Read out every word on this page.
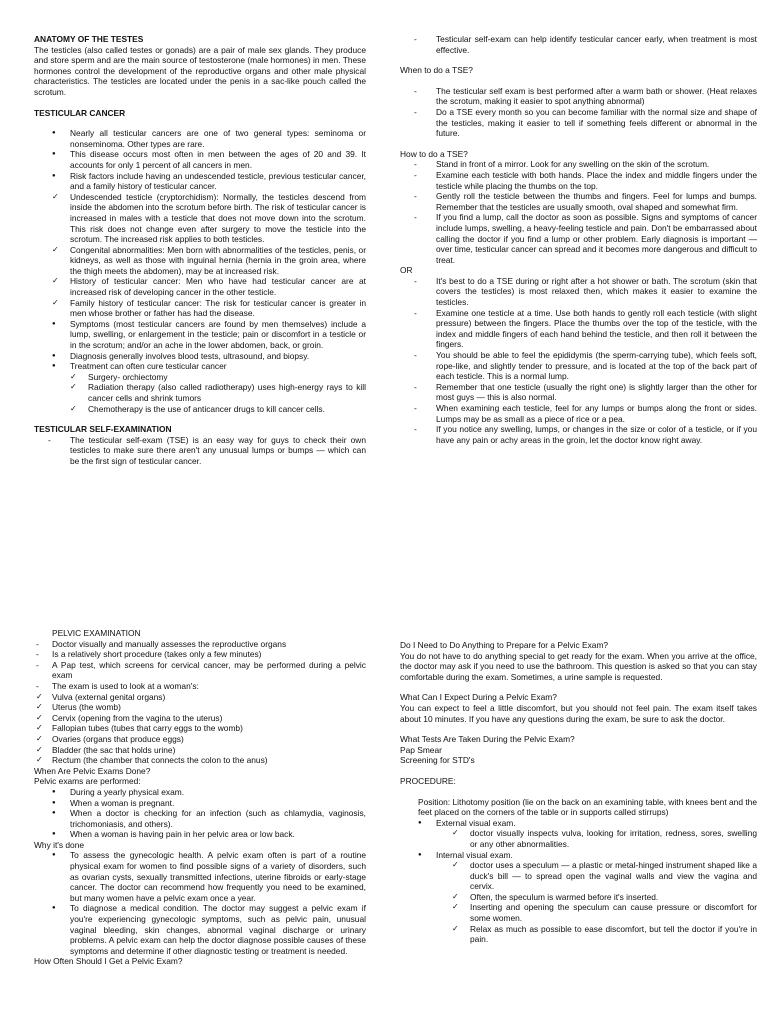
ANATOMY OF THE TESTES

The testicles (also called testes or gonads) are a pair of male sex glands. They produce and store sperm and are the main source of testosterone (male hormones) in men. These hormones control the development of the reproductive organs and other male physical characteristics. The testicles are located under the penis in a sac-like pouch called the scrotum.

TESTICULAR CANCER
● Nearly all testicular cancers are one of two general types: seminoma or nonseminoma. Other types are rare.
● This disease occurs most often in men between the ages of 20 and 39. It accounts for only 1 percent of all cancers in men.
● Risk factors include having an undescended testicle, previous testicular cancer, and a family history of testicular cancer.
✓ Undescended testicle (cryptorchidism): Normally, the testicles descend from inside the abdomen into the scrotum before birth. The risk of testicular cancer is increased in males with a testicle that does not move down into the scrotum. This risk does not change even after surgery to move the testicle into the scrotum. The increased risk applies to both testicles.
✓ Congenital abnormalities: Men born with abnormalities of the testicles, penis, or kidneys, as well as those with inguinal hernia (hernia in the groin area, where the thigh meets the abdomen), may be at increased risk.
✓ History of testicular cancer: Men who have had testicular cancer are at increased risk of developing cancer in the other testicle.
✓ Family history of testicular cancer: The risk for testicular cancer is greater in men whose brother or father has had the disease.
● Symptoms (most testicular cancers are found by men themselves) include a lump, swelling, or enlargement in the testicle; pain or discomfort in a testicle or in the scrotum; and/or an ache in the lower abdomen, back, or groin.
● Diagnosis generally involves blood tests, ultrasound, and biopsy.
● Treatment can often cure testicular cancer
✓ Surgery- orchiectomy
✓ Radiation therapy (also called radiotherapy) uses high-energy rays to kill cancer cells and shrink tumors
✓ Chemotherapy is the use of anticancer drugs to kill cancer cells.
TESTICULAR SELF-EXAMINATION
- The testicular self-exam (TSE) is an easy way for guys to check their own testicles to make sure there aren't any unusual lumps or bumps — which can be the first sign of testicular cancer.
- Testicular self-exam can help identify testicular cancer early, when treatment is most effective.
When to do a TSE?
- The testicular self exam is best performed after a warm bath or shower. (Heat relaxes the scrotum, making it easier to spot anything abnormal)
- Do a TSE every month so you can become familiar with the normal size and shape of the testicles, making it easier to tell if something feels different or abnormal in the future.
How to do a TSE?
- Stand in front of a mirror. Look for any swelling on the skin of the scrotum.
- Examine each testicle with both hands. Place the index and middle fingers under the testicle while placing the thumbs on the top.
- Gently roll the testicle between the thumbs and fingers. Feel for lumps and bumps. Remember that the testicles are usually smooth, oval shaped and somewhat firm.
- If you find a lump, call the doctor as soon as possible. Signs and symptoms of cancer include lumps, swelling, a heavy-feeling testicle and pain. Don't be embarrassed about calling the doctor if you find a lump or other problem. Early diagnosis is important — over time, testicular cancer can spread and it becomes more dangerous and difficult to treat.
OR
- It's best to do a TSE during or right after a hot shower or bath. The scrotum (skin that covers the testicles) is most relaxed then, which makes it easier to examine the testicles.
- Examine one testicle at a time. Use both hands to gently roll each testicle (with slight pressure) between the fingers. Place the thumbs over the top of the testicle, with the index and middle fingers of each hand behind the testicle, and then roll it between the fingers.
- You should be able to feel the epididymis (the sperm-carrying tube), which feels soft, rope-like, and slightly tender to pressure, and is located at the top of the back part of each testicle. This is a normal lump.
- Remember that one testicle (usually the right one) is slightly larger than the other for most guys — this is also normal.
- When examining each testicle, feel for any lumps or bumps along the front or sides. Lumps may be as small as a piece of rice or a pea.
- If you notice any swelling, lumps, or changes in the size or color of a testicle, or if you have any pain or achy areas in the groin, let the doctor know right away.
PELVIC EXAMINATION
- Doctor visually and manually assesses the reproductive organs
- Is a relatively short procedure (takes only a few minutes)
- A Pap test, which screens for cervical cancer, may be performed during a pelvic exam
- The exam is used to look at a woman's:
✓ Vulva (external genital organs)
✓ Uterus (the womb)
✓ Cervix (opening from the vagina to the uterus)
✓ Fallopian tubes (tubes that carry eggs to the womb)
✓ Ovaries (organs that produce eggs)
✓ Bladder (the sac that holds urine)
✓ Rectum (the chamber that connects the colon to the anus)
When Are Pelvic Exams Done?
Pelvic exams are performed:
● During a yearly physical exam.
● When a woman is pregnant.
● When a doctor is checking for an infection (such as chlamydia, vaginosis, trichomoniasis, and others).
● When a woman is having pain in her pelvic area or low back.
Why it's done
● To assess the gynecologic health. A pelvic exam often is part of a routine physical exam for women to find possible signs of a variety of disorders, such as ovarian cysts, sexually transmitted infections, uterine fibroids or early-stage cancer. The doctor can recommend how frequently you need to be examined, but many women have a pelvic exam once a year.
● To diagnose a medical condition. The doctor may suggest a pelvic exam if you're experiencing gynecologic symptoms, such as pelvic pain, unusual vaginal bleeding, skin changes, abnormal vaginal discharge or urinary problems. A pelvic exam can help the doctor diagnose possible causes of these symptoms and determine if other diagnostic testing or treatment is needed.
How Often Should I Get a Pelvic Exam?
Do I Need to Do Anything to Prepare for a Pelvic Exam?

You do not have to do anything special to get ready for the exam. When you arrive at the office, the doctor may ask if you need to use the bathroom. This question is asked so that you can stay comfortable during the exam. Sometimes, a urine sample is requested.

What Can I Expect During a Pelvic Exam?

You can expect to feel a little discomfort, but you should not feel pain. The exam itself takes about 10 minutes. If you have any questions during the exam, be sure to ask the doctor.

What Tests Are Taken During the Pelvic Exam?
Pap Smear
Screening for STD's
PROCEDURE:

Position: Lithotomy position (lie on the back on an examining table, with knees bent and the feet placed on the corners of the table or in supports called stirrups)

● External visual exam.
✓ doctor visually inspects vulva, looking for irritation, redness, sores, swelling or any other abnormalities.
● Internal visual exam.
✓ doctor uses a speculum — a plastic or metal-hinged instrument shaped like a duck's bill — to spread open the vaginal walls and view the vagina and cervix.
✓ Often, the speculum is warmed before it's inserted.
✓ Inserting and opening the speculum can cause pressure or discomfort for some women.
✓ Relax as much as possible to ease discomfort, but tell the doctor if you're in pain.
